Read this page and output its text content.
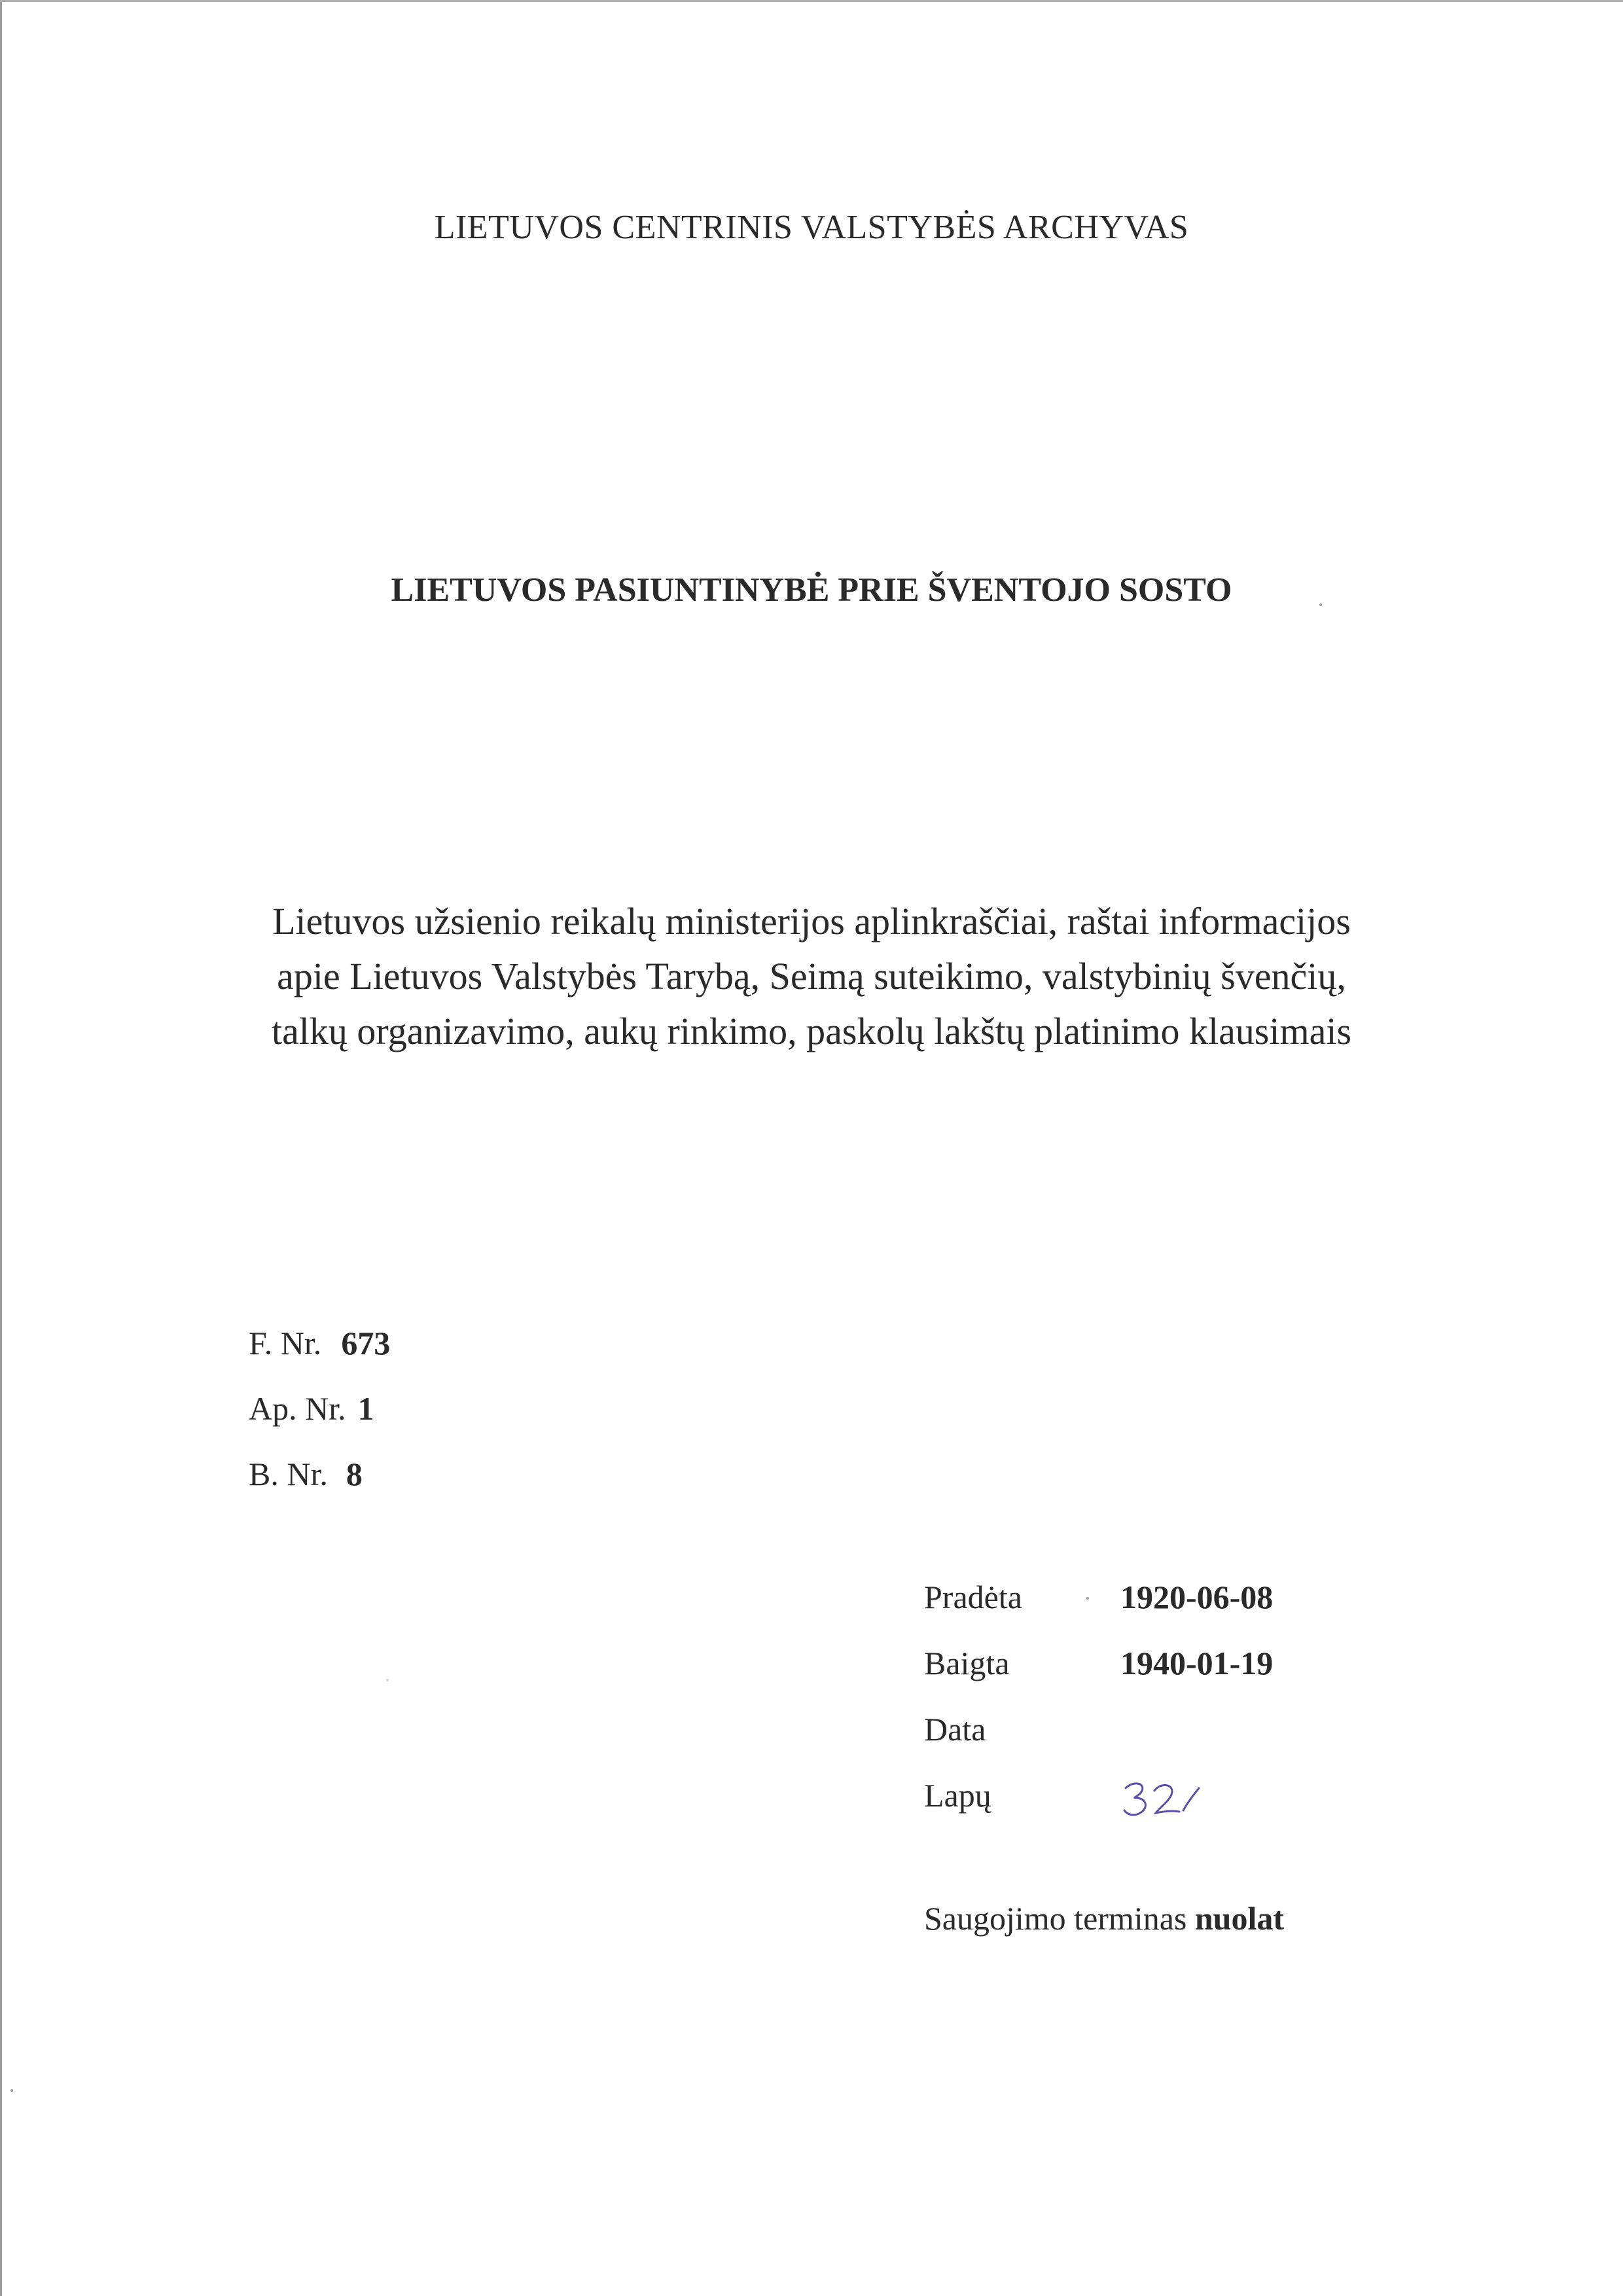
LIETUVOS CENTRINIS VALSTYBĖS ARCHYVAS
LIETUVOS PASIUNTINYBĖ PRIE ŠVENTOJO SOSTO
Lietuvos užsienio reikalų ministerijos aplinkraščiai, raštai informacijos
apie Lietuvos Valstybės Tarybą, Seimą suteikimo, valstybinių švenčių,
talkų organizavimo, aukų rinkimo, paskolų lakštų platinimo klausimais
F. Nr. 673
Ap. Nr. 1
B. Nr. 8
Pradėta	1920-06-08
Baigta	1940-01-19
Data
Lapų
Saugojimo terminas nuolat
